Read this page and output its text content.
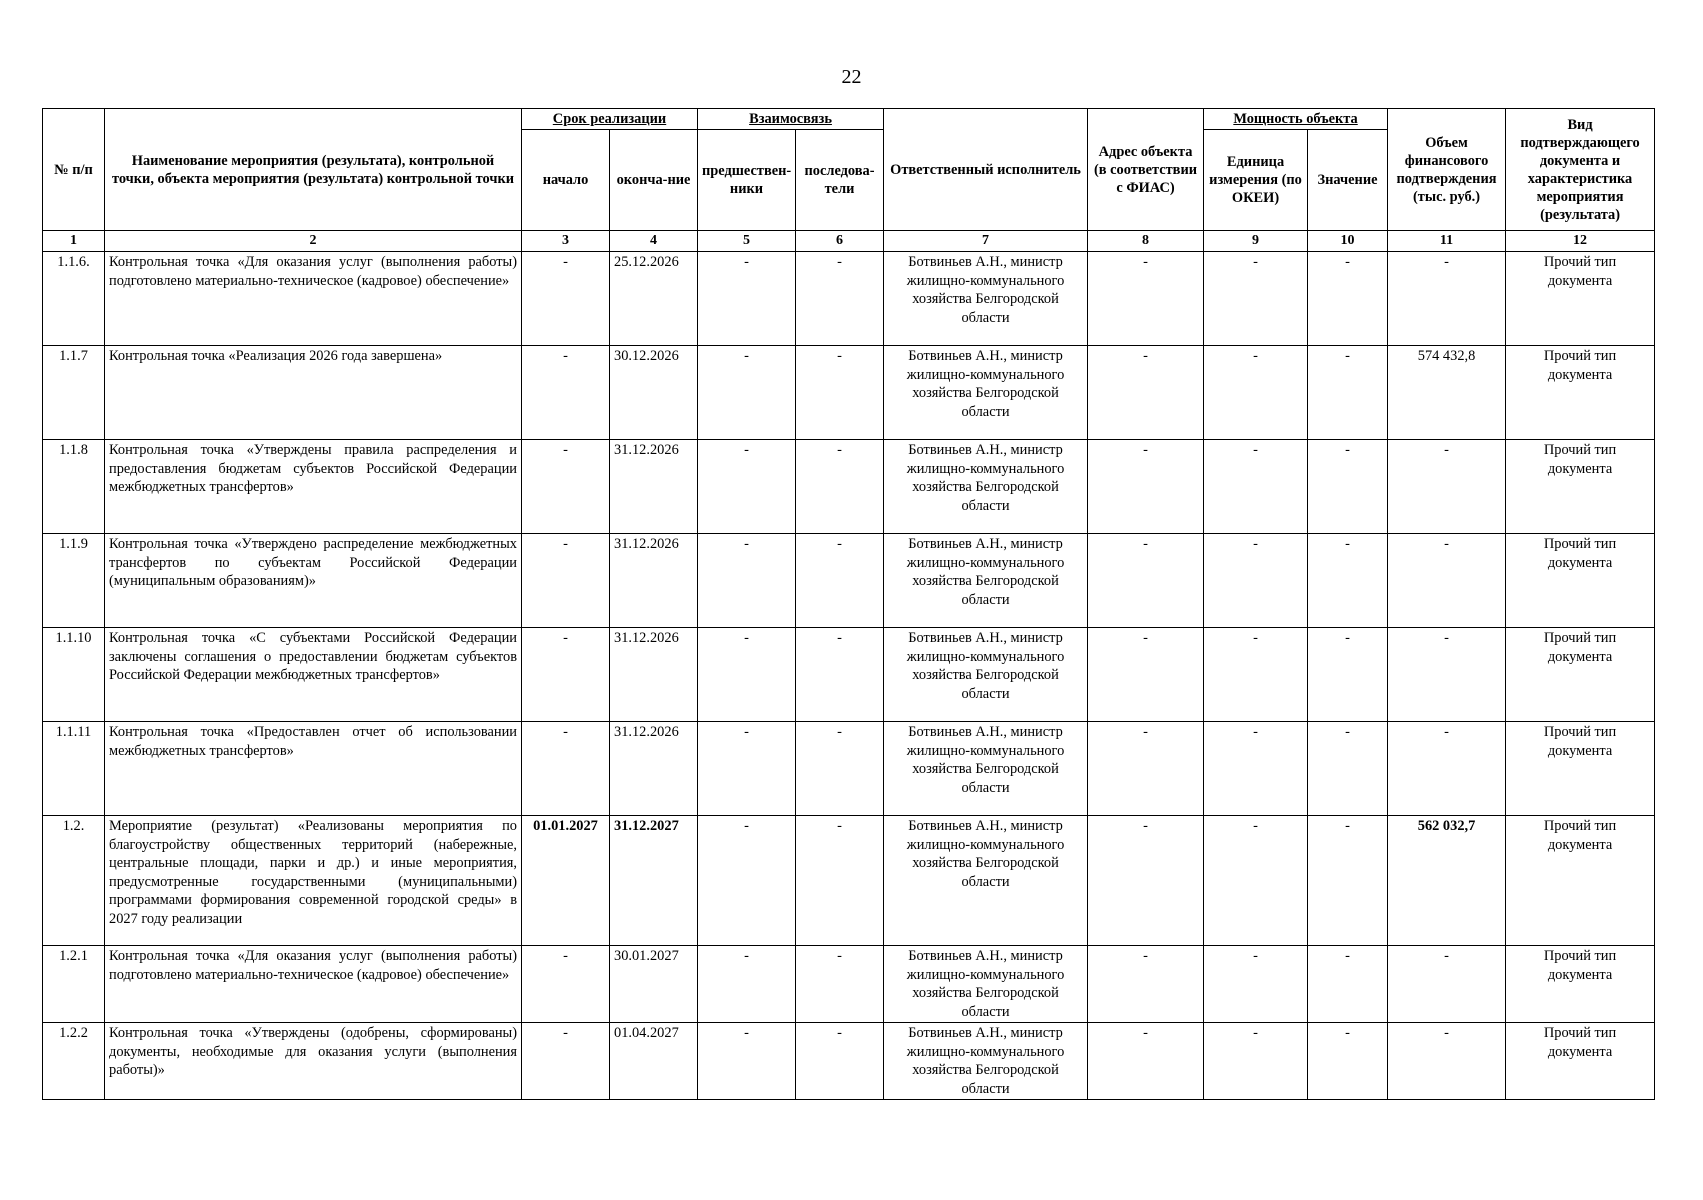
22
№ п/п	Наименование мероприятия (результата), контрольной точки, объекта мероприятия (результата) контрольной точки	Срок реализации		Взаимосвязь		Ответственный исполнитель	Адрес объекта (в соответствии с ФИАС)	Мощность объекта		Объем финансового подтверждения (тыс. руб.)	Вид подтверждающего документа и характеристика мероприятия (результата)
		начало	оконча-ние	предшествен-ники	последова-тели			Единица измерения (по ОКЕИ)	Значение		
1	2	3	4	5	6	7	8	9	10	11	12
1.1.6.	Контрольная точка «Для оказания услуг (выполнения работы) подготовлено материально-техническое (кадровое) обеспечение»	-	25.12.2026	-	-	Ботвиньев А.Н., министр жилищно-коммунального хозяйства Белгородской области	-	-	-	-	Прочий тип документа
1.1.7	Контрольная точка «Реализация 2026 года завершена»	-	30.12.2026	-	-	Ботвиньев А.Н., министр жилищно-коммунального хозяйства Белгородской области	-	-	-	574 432,8	Прочий тип документа
1.1.8	Контрольная точка «Утверждены правила распределения и предоставления бюджетам субъектов Российской Федерации межбюджетных трансфертов»	-	31.12.2026	-	-	Ботвиньев А.Н., министр жилищно-коммунального хозяйства Белгородской области	-	-	-	-	Прочий тип документа
1.1.9	Контрольная точка «Утверждено распределение межбюджетных трансфертов по субъектам Российской Федерации (муниципальным образованиям)»	-	31.12.2026	-	-	Ботвиньев А.Н., министр жилищно-коммунального хозяйства Белгородской области	-	-	-	-	Прочий тип документа
1.1.10	Контрольная точка «С субъектами Российской Федерации заключены соглашения о предоставлении бюджетам субъектов Российской Федерации межбюджетных трансфертов»	-	31.12.2026	-	-	Ботвиньев А.Н., министр жилищно-коммунального хозяйства Белгородской области	-	-	-	-	Прочий тип документа
1.1.11	Контрольная точка «Предоставлен отчет об использовании межбюджетных трансфертов»	-	31.12.2026	-	-	Ботвиньев А.Н., министр жилищно-коммунального хозяйства Белгородской области	-	-	-	-	Прочий тип документа
1.2.	Мероприятие (результат) «Реализованы мероприятия по благоустройству общественных территорий (набережные, центральные площади, парки и др.) и иные мероприятия, предусмотренные государственными (муниципальными) программами формирования современной городской среды» в 2027 году реализации	01.01.2027	31.12.2027	-	-	Ботвиньев А.Н., министр жилищно-коммунального хозяйства Белгородской области	-	-	-	562 032,7	Прочий тип документа
1.2.1	Контрольная точка «Для оказания услуг (выполнения работы) подготовлено материально-техническое (кадровое) обеспечение»	-	30.01.2027	-	-	Ботвиньев А.Н., министр жилищно-коммунального хозяйства Белгородской области	-	-	-	-	Прочий тип документа
1.2.2	Контрольная точка «Утверждены (одобрены, сформированы) документы, необходимые для оказания услуги (выполнения работы)»	-	01.04.2027	-	-	Ботвиньев А.Н., министр жилищно-коммунального хозяйства Белгородской области	-	-	-	-	Прочий тип документа
